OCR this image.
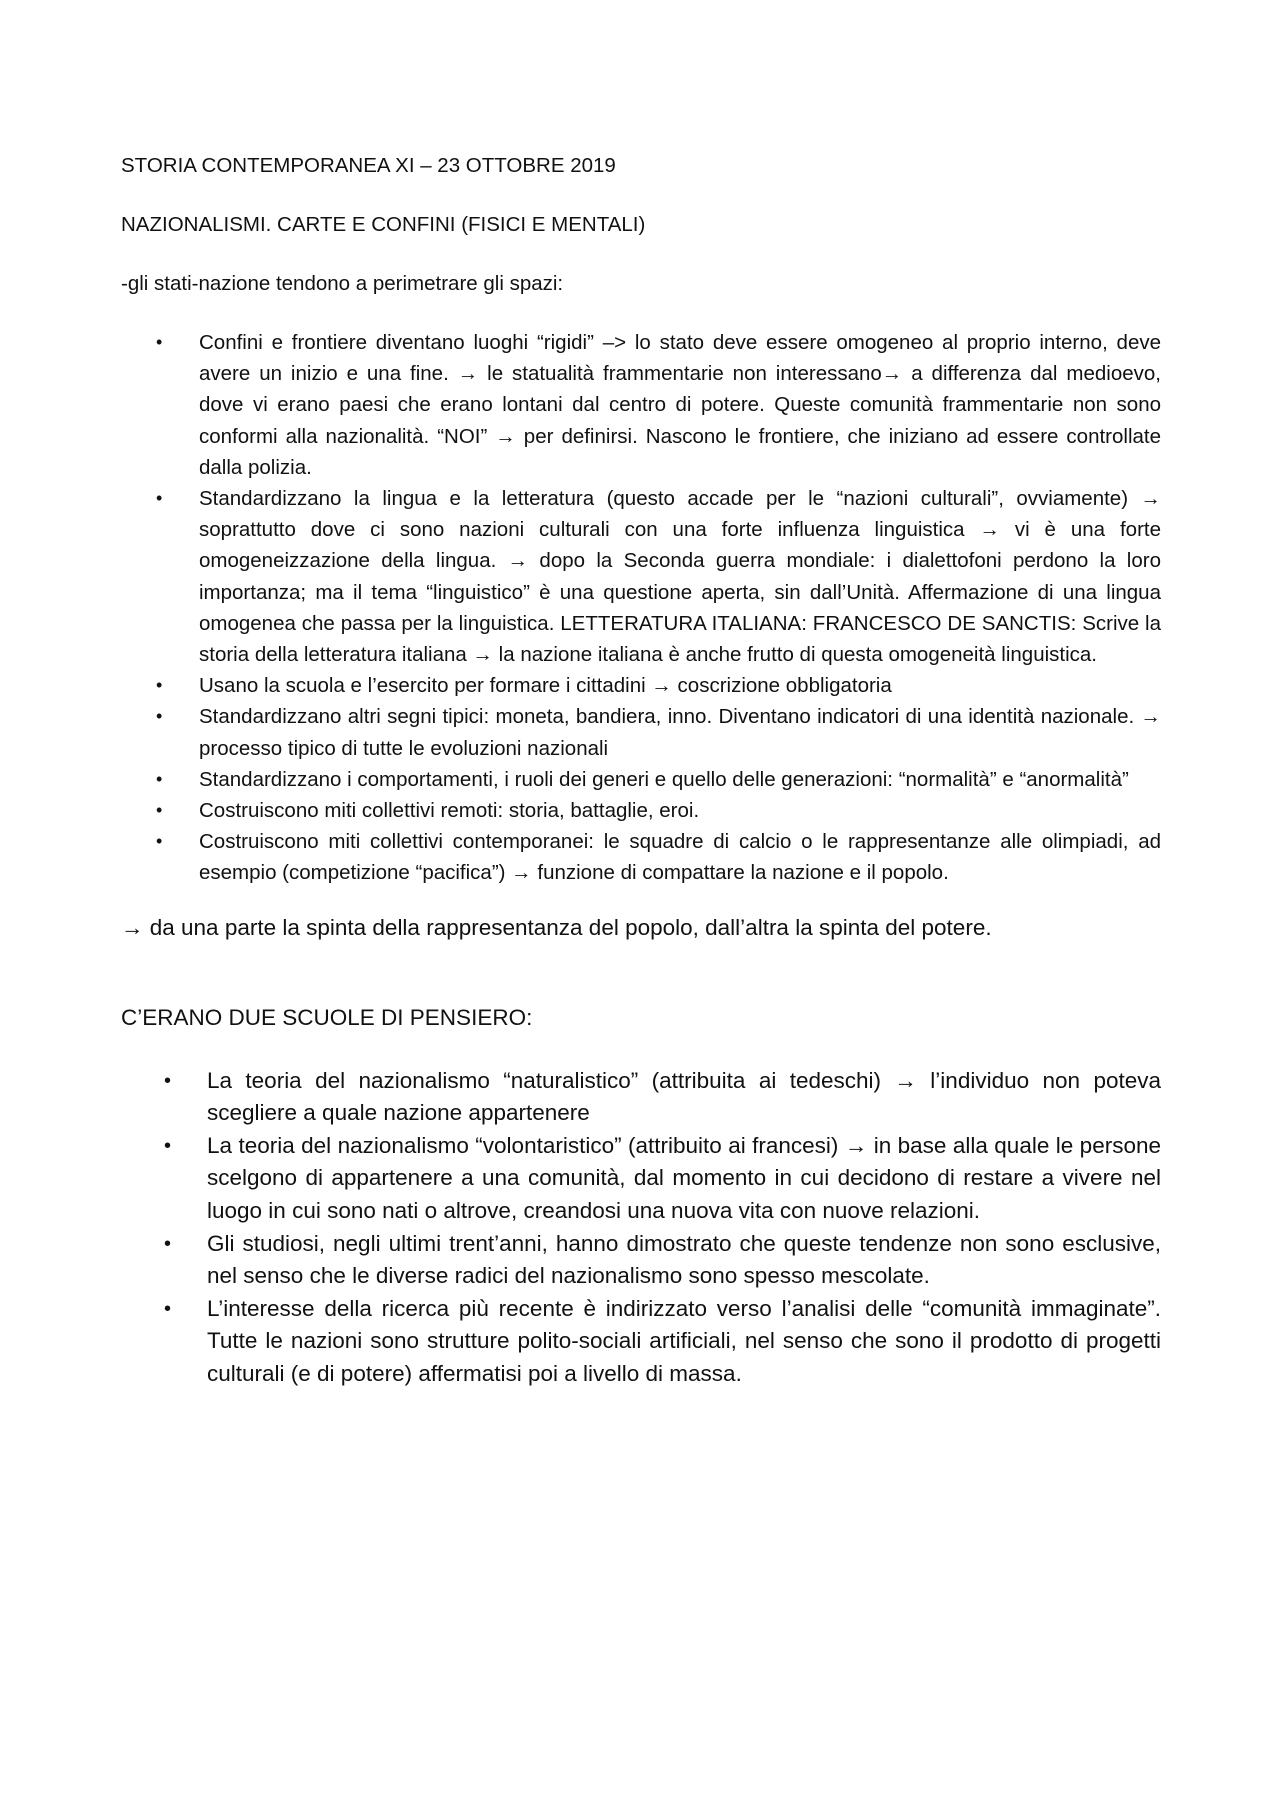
STORIA CONTEMPORANEA XI – 23 OTTOBRE 2019

NAZIONALISMI. CARTE E CONFINI (FISICI E MENTALI)

-gli stati-nazione tendono a perimetrare gli spazi:

• Confini e frontiere diventano luoghi “rigidi” –> lo stato deve essere omogeneo al proprio interno, deve avere un inizio e una fine. → le statualità frammentarie non interessano→ a differenza dal medioevo, dove vi erano paesi che erano lontani dal centro di potere. Queste comunità frammentarie non sono conformi alla nazionalità. “NOI” → per definirsi. Nascono le frontiere, che iniziano ad essere controllate dalla polizia.
• Standardizzano la lingua e la letteratura (questo accade per le “nazioni culturali”, ovviamente) → soprattutto dove ci sono nazioni culturali con una forte influenza linguistica → vi è una forte omogeneizzazione della lingua. → dopo la Seconda guerra mondiale: i dialettofoni perdono la loro importanza; ma il tema “linguistico” è una questione aperta, sin dall’Unità. Affermazione di una lingua omogenea che passa per la linguistica. LETTERATURA ITALIANA: FRANCESCO DE SANCTIS: Scrive la storia della letteratura italiana → la nazione italiana è anche frutto di questa omogeneità linguistica.
• Usano la scuola e l’esercito per formare i cittadini → coscrizione obbligatoria
• Standardizzano altri segni tipici: moneta, bandiera, inno. Diventano indicatori di una identità nazionale. → processo tipico di tutte le evoluzioni nazionali
• Standardizzano i comportamenti, i ruoli dei generi e quello delle generazioni: “normalità” e “anormalità”
• Costruiscono miti collettivi remoti: storia, battaglie, eroi.
• Costruiscono miti collettivi contemporanei: le squadre di calcio o le rappresentanze alle olimpiadi, ad esempio (competizione “pacifica”) → funzione di compattare la nazione e il popolo.

→ da una parte la spinta della rappresentanza del popolo, dall’altra la spinta del potere.

C’ERANO DUE SCUOLE DI PENSIERO:

• La teoria del nazionalismo “naturalistico” (attribuita ai tedeschi) → l’individuo non poteva scegliere a quale nazione appartenere
• La teoria del nazionalismo “volontaristico” (attribuito ai francesi) → in base alla quale le persone scelgono di appartenere a una comunità, dal momento in cui decidono di restare a vivere nel luogo in cui sono nati o altrove, creandosi una nuova vita con nuove relazioni.
• Gli studiosi, negli ultimi trent’anni, hanno dimostrato che queste tendenze non sono esclusive, nel senso che le diverse radici del nazionalismo sono spesso mescolate.
• L’interesse della ricerca più recente è indirizzato verso l’analisi delle “comunità immaginate”. Tutte le nazioni sono strutture polito-sociali artificiali, nel senso che sono il prodotto di progetti culturali (e di potere) affermatisi poi a livello di massa.
